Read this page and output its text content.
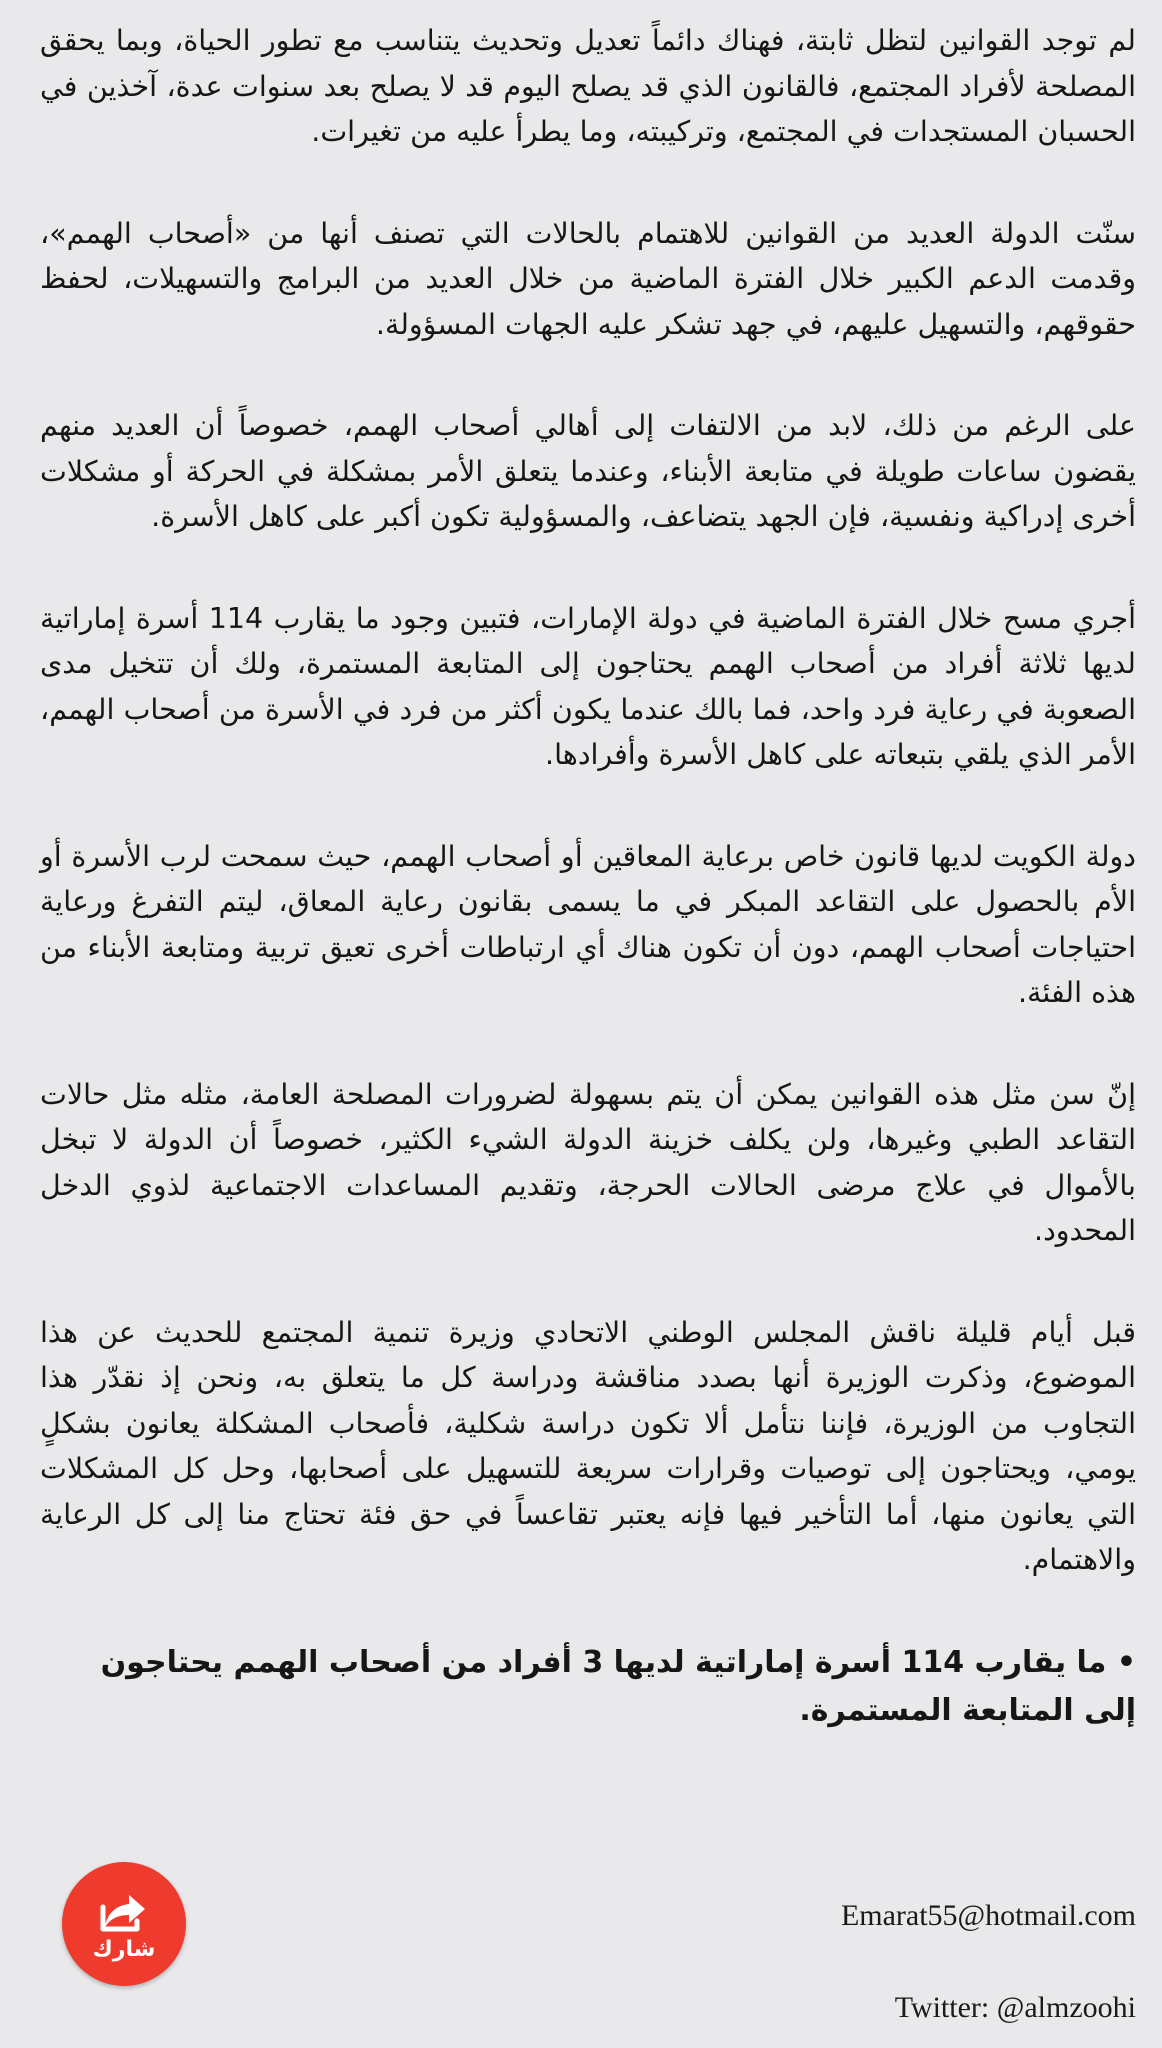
لم توجد القوانين لتظل ثابتة، فهناك دائماً تعديل وتحديث يتناسب مع تطور الحياة، وبما يحقق المصلحة لأفراد المجتمع، فالقانون الذي قد يصلح اليوم قد لا يصلح بعد سنوات عدة، آخذين في الحسبان المستجدات في المجتمع، وتركيبته، وما يطرأ عليه من تغيرات.

سنّت الدولة العديد من القوانين للاهتمام بالحالات التي تصنف أنها من «أصحاب الهمم»، وقدمت الدعم الكبير خلال الفترة الماضية من خلال العديد من البرامج والتسهيلات، لحفظ حقوقهم، والتسهيل عليهم، في جهد تشكر عليه الجهات المسؤولة.

على الرغم من ذلك، لابد من الالتفات إلى أهالي أصحاب الهمم، خصوصاً أن العديد منهم يقضون ساعات طويلة في متابعة الأبناء، وعندما يتعلق الأمر بمشكلة في الحركة أو مشكلات أخرى إدراكية ونفسية، فإن الجهد يتضاعف، والمسؤولية تكون أكبر على كاهل الأسرة.

أجري مسح خلال الفترة الماضية في دولة الإمارات، فتبين وجود ما يقارب 114 أسرة إماراتية لديها ثلاثة أفراد من أصحاب الهمم يحتاجون إلى المتابعة المستمرة، ولك أن تتخيل مدى الصعوبة في رعاية فرد واحد، فما بالك عندما يكون أكثر من فرد في الأسرة من أصحاب الهمم، الأمر الذي يلقي بتبعاته على كاهل الأسرة وأفرادها.

دولة الكويت لديها قانون خاص برعاية المعاقين أو أصحاب الهمم، حيث سمحت لرب الأسرة أو الأم بالحصول على التقاعد المبكر في ما يسمى بقانون رعاية المعاق، ليتم التفرغ ورعاية احتياجات أصحاب الهمم، دون أن تكون هناك أي ارتباطات أخرى تعيق تربية ومتابعة الأبناء من هذه الفئة.

إنّ سن مثل هذه القوانين يمكن أن يتم بسهولة لضرورات المصلحة العامة، مثله مثل حالات التقاعد الطبي وغيرها، ولن يكلف خزينة الدولة الشيء الكثير، خصوصاً أن الدولة لا تبخل بالأموال في علاج مرضى الحالات الحرجة، وتقديم المساعدات الاجتماعية لذوي الدخل المحدود.

قبل أيام قليلة ناقش المجلس الوطني الاتحادي وزيرة تنمية المجتمع للحديث عن هذا الموضوع، وذكرت الوزيرة أنها بصدد مناقشة ودراسة كل ما يتعلق به، ونحن إذ نقدّر هذا التجاوب من الوزيرة، فإننا نتأمل ألا تكون دراسة شكلية، فأصحاب المشكلة يعانون بشكلٍ يومي، ويحتاجون إلى توصيات وقرارات سريعة للتسهيل على أصحابها، وحل كل المشكلات التي يعانون منها، أما التأخير فيها فإنه يعتبر تقاعساً في حق فئة تحتاج منا إلى كل الرعاية والاهتمام.

• ما يقارب 114 أسرة إماراتية لديها 3 أفراد من أصحاب الهمم يحتاجون إلى المتابعة المستمرة.

Emarat55@hotmail.com
Twitter: @almzoohi
شارك
